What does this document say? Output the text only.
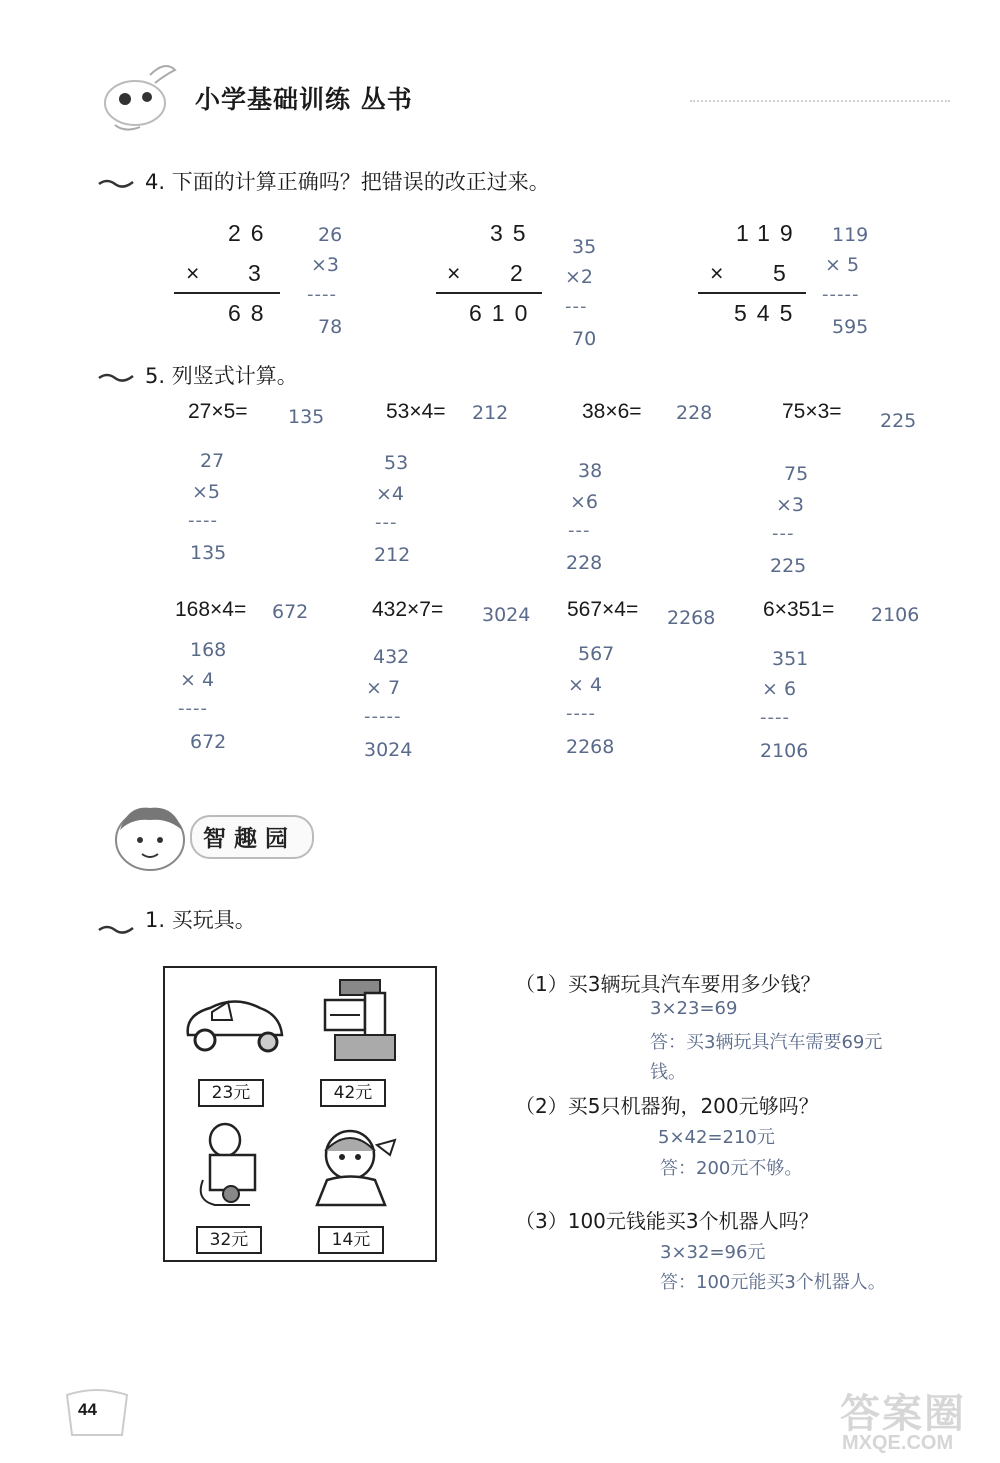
小学基础训练 丛书
4. 下面的计算正确吗？把错误的改正过来。
26
× 3
68
26
×3
----
78
35
× 2
610
35
×2
---
70
119
× 5
545
119
× 5
-----
595
5. 列竖式计算。
27×5= 135
27
×5
----
135
53×4= 212
53
×4
---
212
38×6= 228
38
×6
---
228
75×3= 225
75
×3
---
225
168×4= 672
168
× 4
----
672
432×7= 3024
432
× 7
-----
3024
567×4= 2268
567
× 4
----
2268
6×351= 2106
351
× 6
----
2106
智趣园
1. 买玩具。
23元	42元
32元	14元
（1）买3辆玩具汽车要用多少钱？
3×23=69
答：买3辆玩具汽车需要69元
钱。
（2）买5只机器狗，200元够吗？
5×42=210元
答：200元不够。
（3）100元钱能买3个机器人吗？
3×32=96元
答：100元能买3个机器人。
44	答案圈
MXQE.COM
